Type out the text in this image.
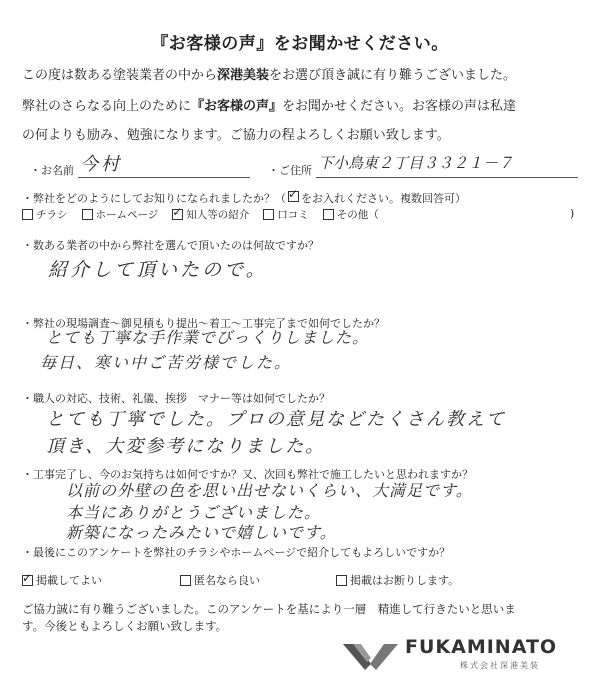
『お客様の声』をお聞かせください。
この度は数ある塗装業者の中から深港美装をお選び頂き誠に有り難うございました。
弊社のさらなる向上のために『お客様の声』をお聞かせください。お客様の声は私達
の何よりも励み、勉強になります。ご協力の程よろしくお願い致します。
・お名前 今村	・ご住所 下小鳥東２丁目３３２１－７
・弊社をどのようにしてお知りになられましたか？（ ✓ をお入れください。複数回答可）
チラシ	ホームページ ✓	知人等の紹介	口コミ	その他（	)
・数ある業者の中から弊社を選んで頂いたのは何故ですか？
紹介して頂いたので。
・弊社の現場調査～御見積もり提出～着工～工事完了まで如何でしたか？
とても丁寧な手作業でびっくりしました。
毎日、寒い中ご苦労様でした。
・職人の対応、技術、礼儀、挨拶　マナー等は如何でしたか？
とても丁寧でした。プロの意見などたくさん教えて
頂き、大変参考になりました。
・工事完了し、今のお気持ちは如何ですか？又、次回も弊社で施工したいと思われますか？
以前の外壁の色を思い出せないくらい、大満足です。
本当にありがとうございました。
新築になったみたいで嬉しいです。
・最後にこのアンケートを弊社のチラシやホームページで紹介してもよろしいですか？
✓
掲載してよい	匿名なら良い	掲載はお断りします。
ご協力誠に有り難うございました。このアンケートを基により一層　精進して行きたいと思いま
す。今後ともよろしくお願い致します。
FUKAMINATO
株式会社深港美装
